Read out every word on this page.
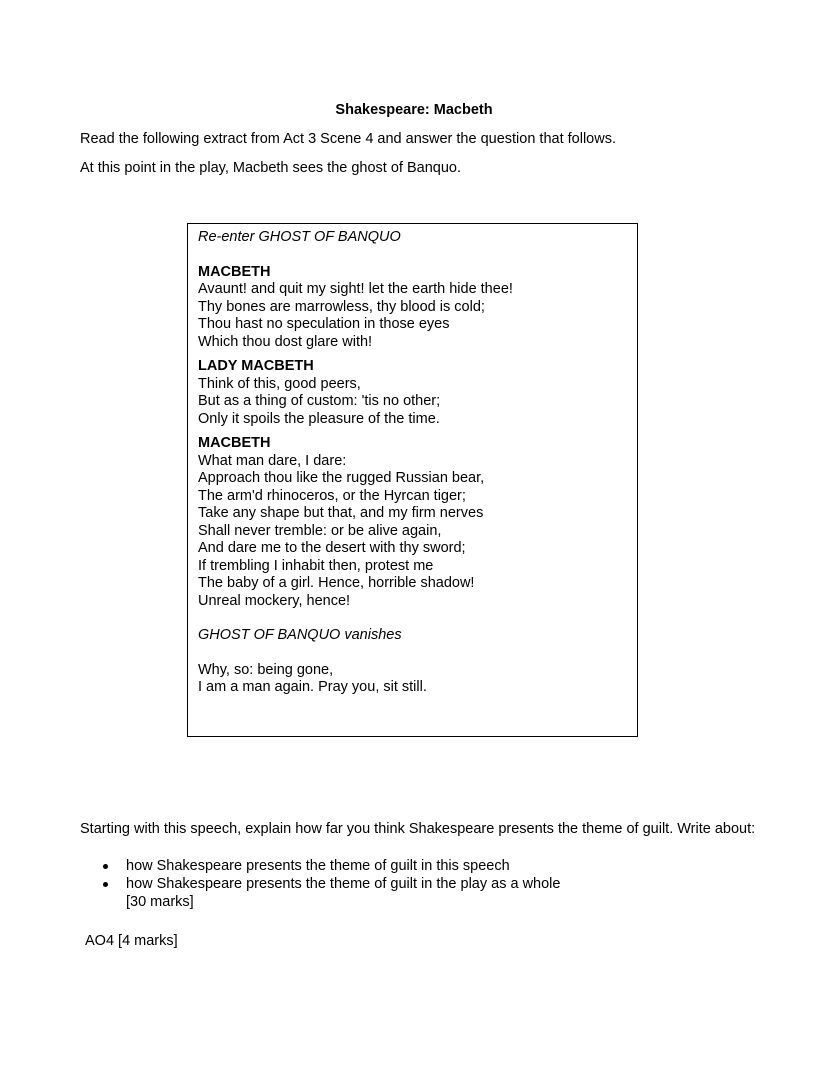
Shakespeare: Macbeth
Read the following extract from Act 3 Scene 4 and answer the question that follows.
At this point in the play, Macbeth sees the ghost of Banquo.
Re-enter GHOST OF BANQUO
MACBETH
Avaunt! and quit my sight! let the earth hide thee!
Thy bones are marrowless, thy blood is cold;
Thou hast no speculation in those eyes
Which thou dost glare with!
LADY MACBETH
Think of this, good peers,
But as a thing of custom: 'tis no other;
Only it spoils the pleasure of the time.
MACBETH
What man dare, I dare:
Approach thou like the rugged Russian bear,
The arm'd rhinoceros, or the Hyrcan tiger;
Take any shape but that, and my firm nerves
Shall never tremble: or be alive again,
And dare me to the desert with thy sword;
If trembling I inhabit then, protest me
The baby of a girl. Hence, horrible shadow!
Unreal mockery, hence!
GHOST OF BANQUO vanishes
Why, so: being gone,
I am a man again. Pray you, sit still.
Starting with this speech, explain how far you think Shakespeare presents the theme of guilt. Write about:
how Shakespeare presents the theme of guilt in this speech
how Shakespeare presents the theme of guilt in the play as a whole
[30 marks]
AO4 [4 marks]
